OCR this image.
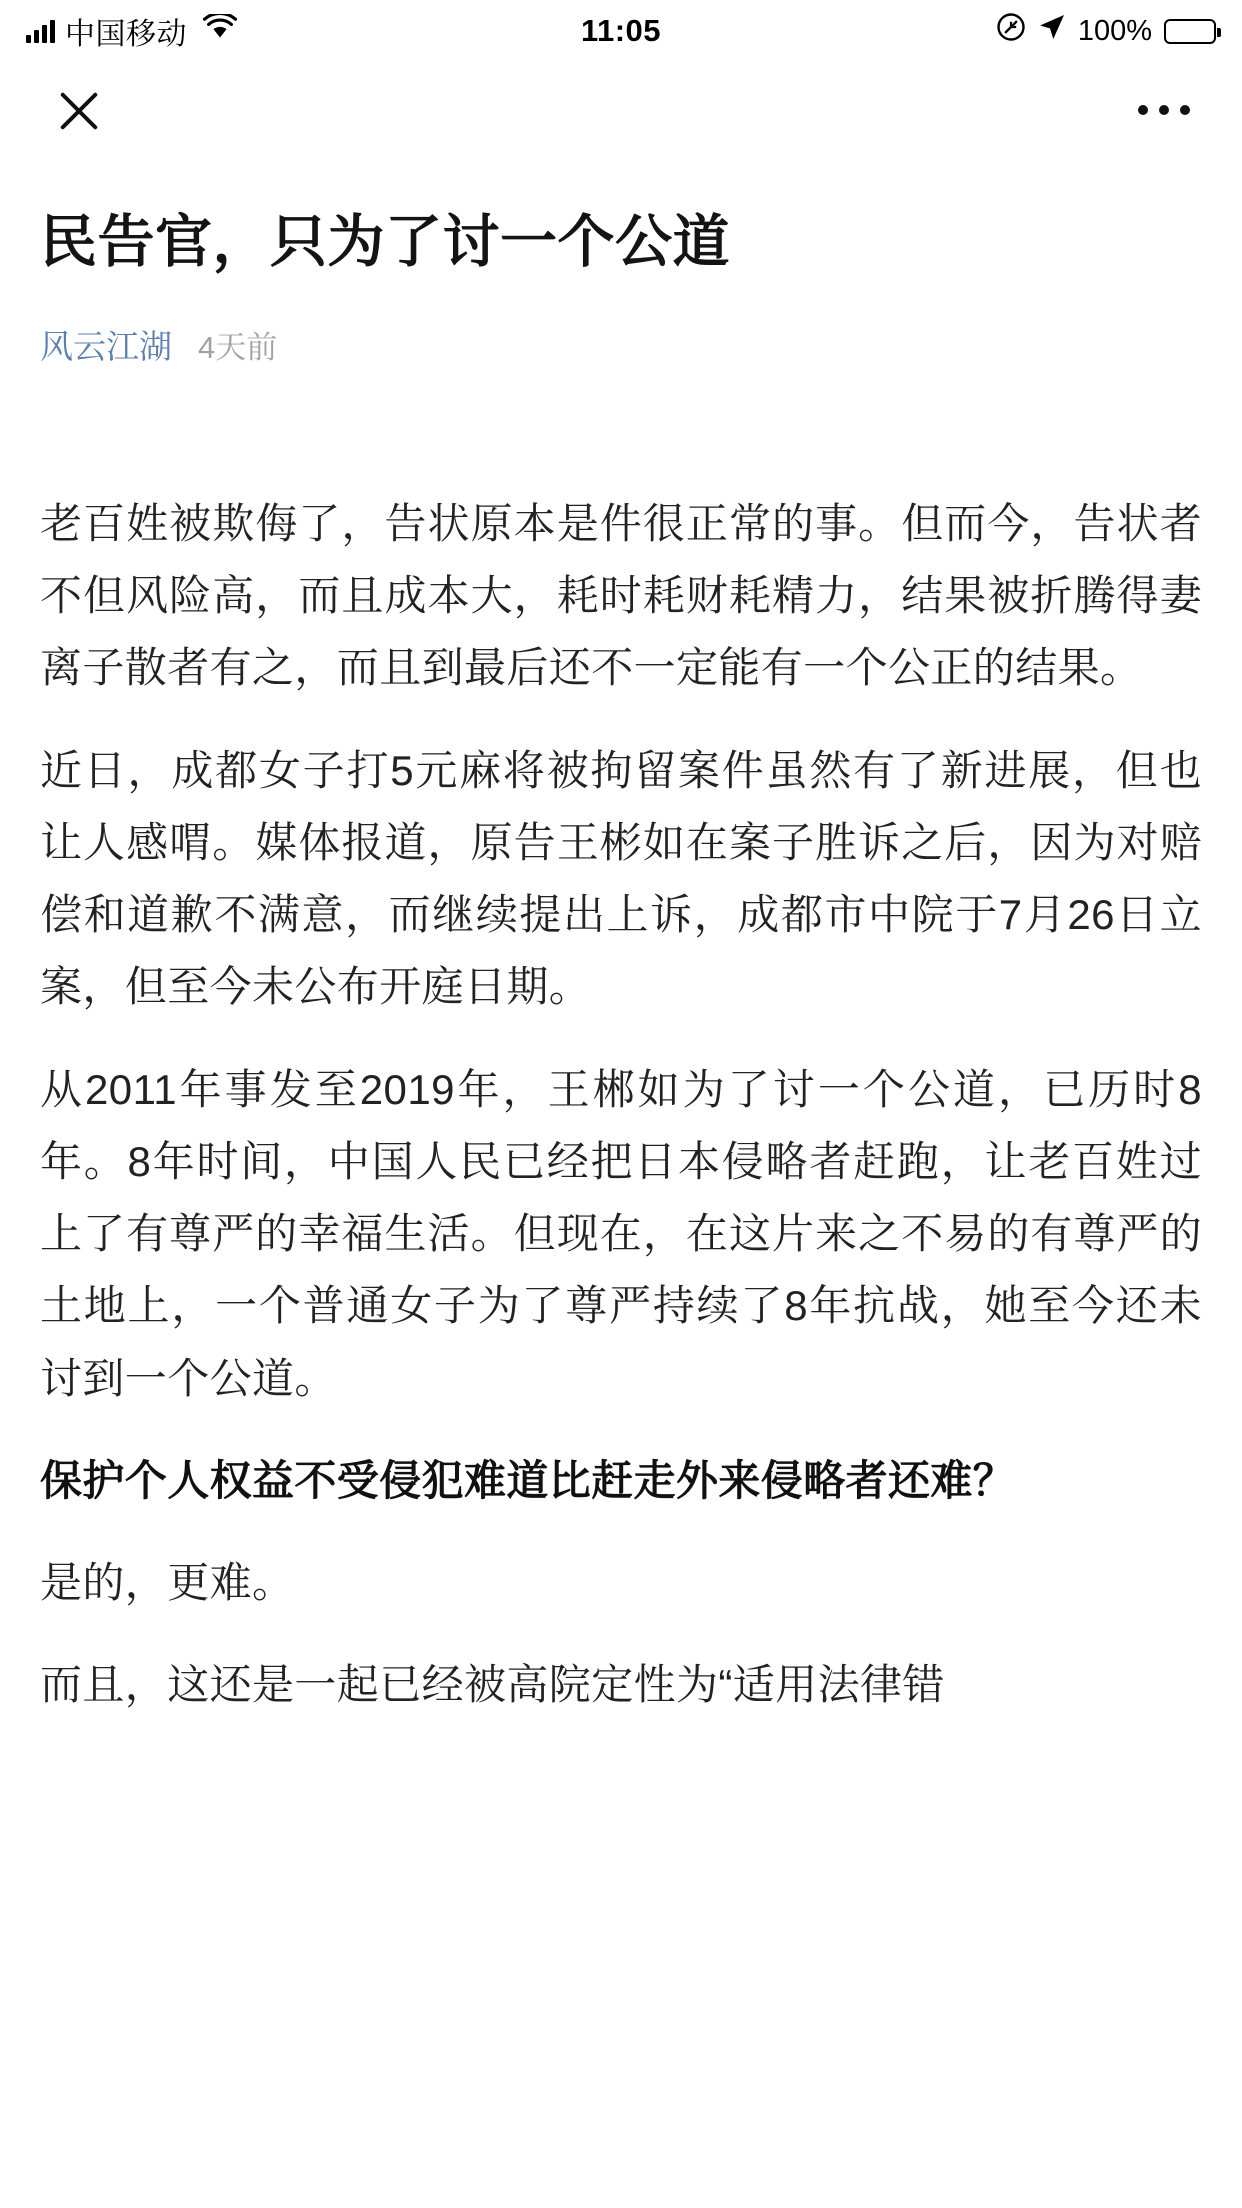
中国移动	11:05	100%
民告官，只为了讨一个公道
风云江湖 4天前

老百姓被欺侮了，告状原本是件很正常的事。但而今，告状者不但风险高，而且成本大，耗时耗财耗精力，结果被折腾得妻离子散者有之，而且到最后还不一定能有一个公正的结果。

近日，成都女子打5元麻将被拘留案件虽然有了新进展，但也让人感喟。媒体报道，原告王彬如在案子胜诉之后，因为对赔偿和道歉不满意，而继续提出上诉，成都市中院于7月26日立案，但至今未公布开庭日期。

从2011年事发至2019年，王郴如为了讨一个公道，已历时8年。8年时间，中国人民已经把日本侵略者赶跑，让老百姓过上了有尊严的幸福生活。但现在，在这片来之不易的有尊严的土地上，一个普通女子为了尊严持续了8年抗战，她至今还未讨到一个公道。

保护个人权益不受侵犯难道比赶走外来侵略者还难？

是的，更难。

而且，这还是一起已经被高院定性为“适用法律错
